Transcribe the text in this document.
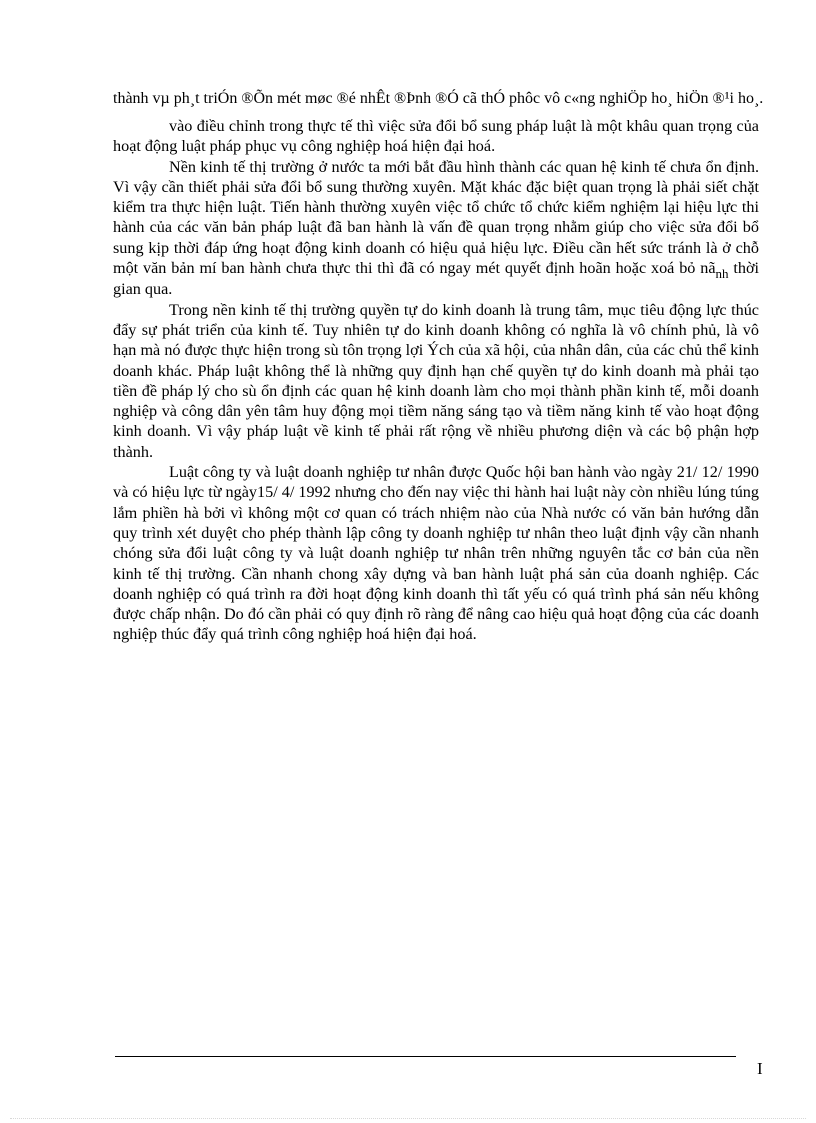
thành vµ ph¸t triÓn ®Õn mét møc ®é nhÊt ®Þnh ®Ó cã thÓ phôc vô c«ng nghiÖp ho¸ hiÖn ®¹i ho¸.

vào điều chỉnh trong thực tế thì việc sửa đổi bổ sung pháp luật là một khâu quan trọng của hoạt động luật pháp phục vụ công nghiệp hoá hiện đại hoá.

Nền kinh tế thị trường ở nước ta mới bắt đầu hình thành các quan hệ kinh tế chưa ổn định. Vì vậy cần thiết phải sửa đổi bổ sung thường xuyên. Mặt khác đặc biệt quan trọng là phải siết chặt kiểm tra thực hiện luật. Tiến hành thường xuyên việc tổ chức tổ chức kiểm nghiệm lại hiệu lực thi hành của các văn bản pháp luật đã ban hành là vấn đề quan trọng nhằm giúp cho việc sửa đổi bổ sung kịp thời đáp ứng hoạt động kinh doanh có hiệu quả hiệu lực. Điều cần hết sức tránh là ở chỗ một văn bản mí ban hành chưa thực thi thì đã có ngay mét quyết định hoãn hoặc xoá bỏ $nã_{nh}$ thời gian qua.

Trong nền kinh tế thị trường quyền tự do kinh doanh là trung tâm, mục tiêu động lực thúc đẩy sự phát triển của kinh tế. Tuy nhiên tự do kinh doanh không có nghĩa là vô chính phủ, là vô hạn mà nó được thực hiện trong sù tôn trọng lợi Ých của xã hội, của nhân dân, của các chủ thể kinh doanh khác. Pháp luật không thể là những quy định hạn chế quyền tự do kinh doanh mà phải tạo tiền đề pháp lý cho sù ổn định các quan hệ kinh doanh làm cho mọi thành phần kinh tế, mỗi doanh nghiệp và công dân yên tâm huy động mọi tiềm năng sáng tạo và tiềm năng kinh tế vào hoạt động kinh doanh. Vì vậy pháp luật về kinh tế phải rất rộng về nhiều phương diện và các bộ phận hợp thành.

Luật công ty và luật doanh nghiệp tư nhân được Quốc hội ban hành vào ngày 21/ 12/ 1990 và có hiệu lực từ ngày15/ 4/ 1992 nhưng cho đến nay việc thi hành hai luật này còn nhiều lúng túng lắm phiền hà bởi vì không một cơ quan có trách nhiệm nào của Nhà nước có văn bản hướng dẫn quy trình xét duyệt cho phép thành lập công ty doanh nghiệp tư nhân theo luật định vậy cần nhanh chóng sửa đổi luật công ty và luật doanh nghiệp tư nhân trên những nguyên tắc cơ bản của nền kinh tế thị trường. Cần nhanh chong xây dựng và ban hành luật phá sản của doanh nghiệp. Các doanh nghiệp có quá trình ra đời hoạt động kinh doanh thì tất yếu có quá trình phá sản nếu không được chấp nhận. Do đó cần phải có quy định rõ ràng để nâng cao hiệu quả hoạt động của các doanh nghiệp thúc đẩy quá trình công nghiệp hoá hiện đại hoá.

I
